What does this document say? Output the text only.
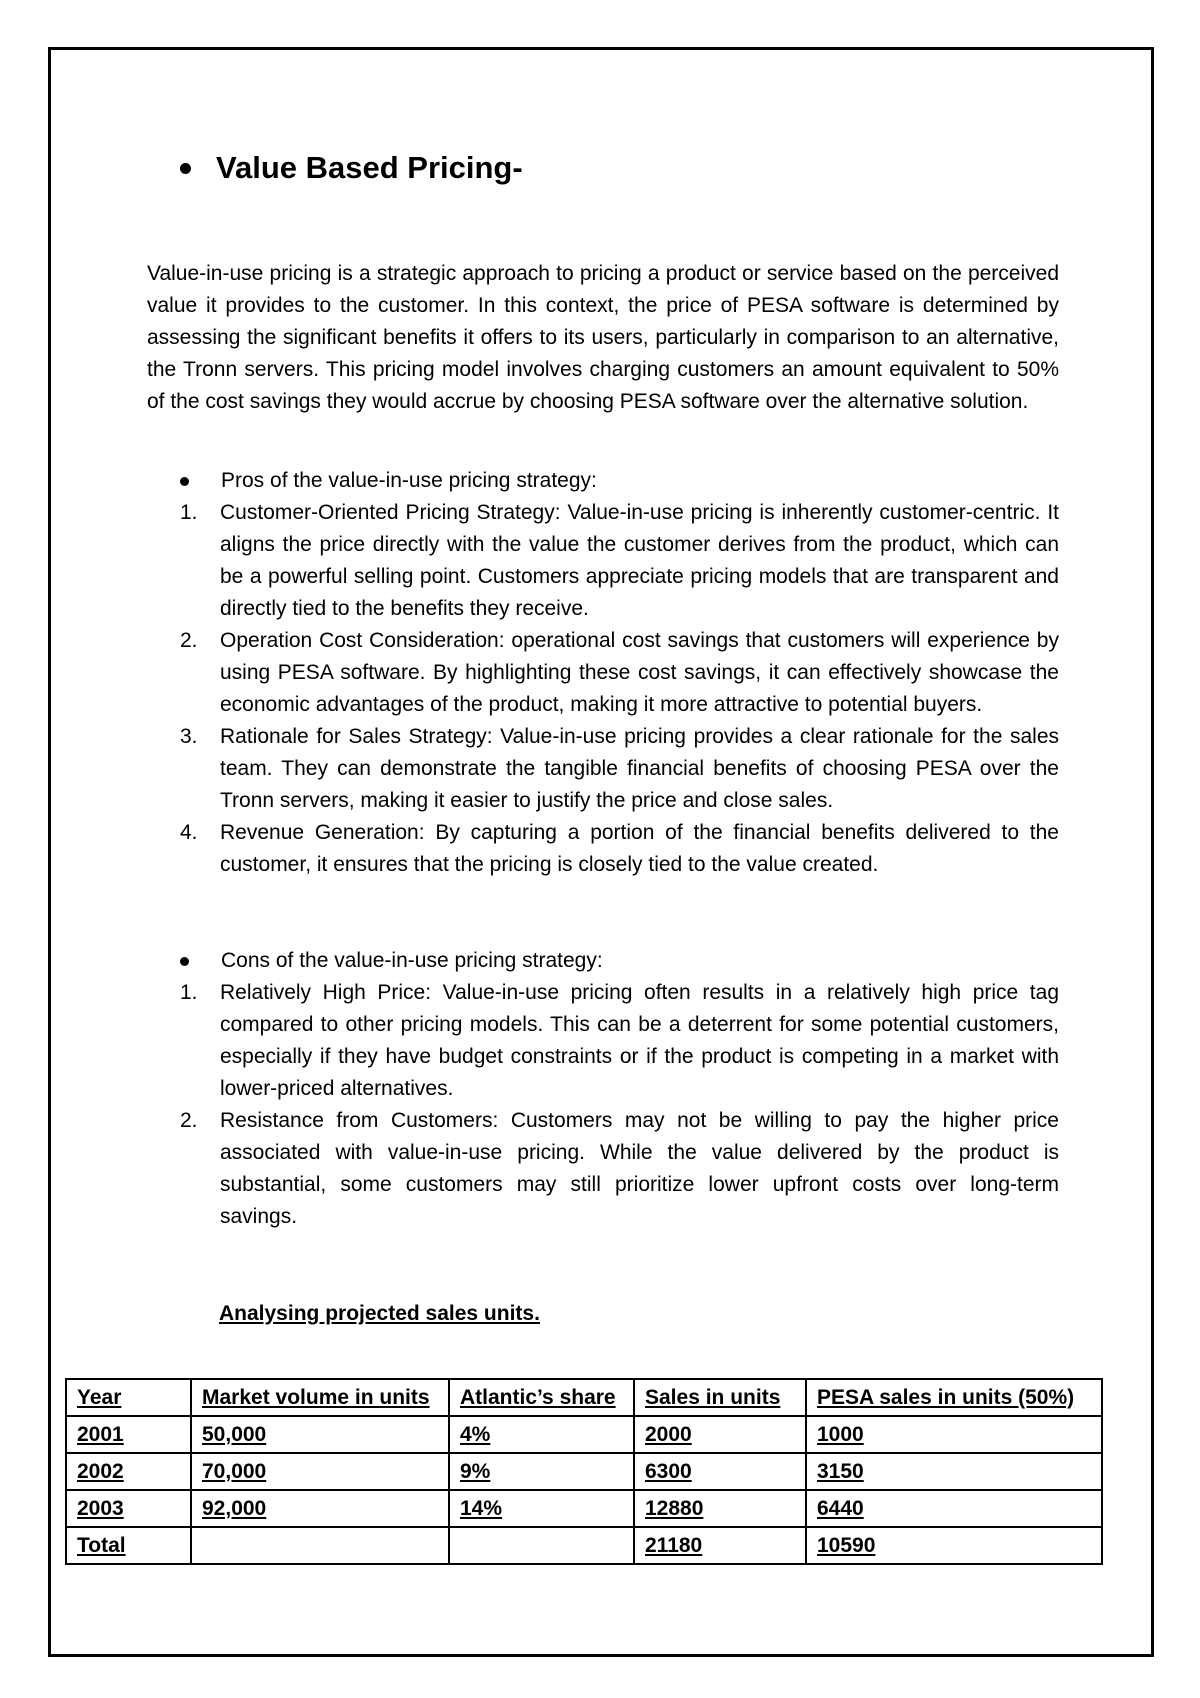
Value Based Pricing-

Value-in-use pricing is a strategic approach to pricing a product or service based on the perceived value it provides to the customer. In this context, the price of PESA software is determined by assessing the significant benefits it offers to its users, particularly in comparison to an alternative, the Tronn servers. This pricing model involves charging customers an amount equivalent to 50% of the cost savings they would accrue by choosing PESA software over the alternative solution.

Pros of the value-in-use pricing strategy:
1.	Customer-Oriented Pricing Strategy: Value-in-use pricing is inherently customer-centric. It aligns the price directly with the value the customer derives from the product, which can be a powerful selling point. Customers appreciate pricing models that are transparent and directly tied to the benefits they receive.
2.	Operation Cost Consideration: operational cost savings that customers will experience by using PESA software. By highlighting these cost savings, it can effectively showcase the economic advantages of the product, making it more attractive to potential buyers.
3.	Rationale for Sales Strategy: Value-in-use pricing provides a clear rationale for the sales team. They can demonstrate the tangible financial benefits of choosing PESA over the Tronn servers, making it easier to justify the price and close sales.
4.	Revenue Generation: By capturing a portion of the financial benefits delivered to the customer, it ensures that the pricing is closely tied to the value created.
Cons of the value-in-use pricing strategy:
1.	Relatively High Price: Value-in-use pricing often results in a relatively high price tag compared to other pricing models. This can be a deterrent for some potential customers, especially if they have budget constraints or if the product is competing in a market with lower-priced alternatives.
2.	Resistance from Customers: Customers may not be willing to pay the higher price associated with value-in-use pricing. While the value delivered by the product is substantial, some customers may still prioritize lower upfront costs over long-term savings.
Analysing projected sales units.
Year	Market volume in units	Atlantic’s share	Sales in units	PESA sales in units (50%)
2001	50,000	4%	2000	1000
2002	70,000	9%	6300	3150
2003	92,000	14%	12880	6440
Total			21180	10590
